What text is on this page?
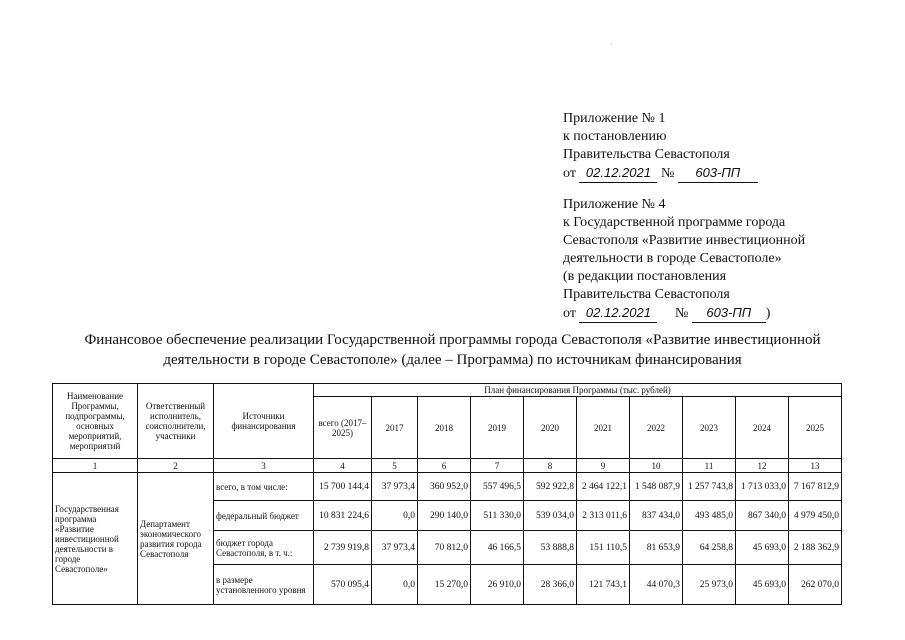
·
Приложение № 1
к постановлению
Правительства Севастополя
от 02.12.2021 № 603-ПП
Приложение № 4
к Государственной программе города
Севастополя «Развитие инвестиционной
деятельности в городе Севастополе»
(в редакции постановления
Правительства Севастополя
от 02.12.2021 № 603-ПП )
Финансовое обеспечение реализации Государственной программы города Севастополя «Развитие инвестиционной
деятельности в городе Севастополе» (далее – Программа) по источникам финансирования
Наименование Программы, подпрограммы, основных мероприятий, мероприятий	Ответственный исполнитель, соисполнители, участники	Источники финансирования	План финансирования Программы (тыс. рублей)									
			всего (2017–2025)	2017	2018	2019	2020	2021	2022	2023	2024	2025
1	2	3	4	5	6	7	8	9	10	11	12	13
Государственная программа «Развитие инвестиционной деятельности в городе Севастополе»	Департамент экономического развития города Севастополя	всего, в том числе:	15 700 144,4	37 973,4	360 952,0	557 496,5	592 922,8	2 464 122,1	1 548 087,9	1 257 743,8	1 713 033,0	7 167 812,9
		федеральный бюджет	10 831 224,6	0,0	290 140,0	511 330,0	539 034,0	2 313 011,6	837 434,0	493 485,0	867 340,0	4 979 450,0
		бюджет города Севастополя, в т. ч.:	2 739 919,8	37 973,4	70 812,0	46 166,5	53 888,8	151 110,5	81 653,9	64 258,8	45 693,0	2 188 362,9
		в размере установленного уровня	570 095,4	0,0	15 270,0	26 910,0	28 366,0	121 743,1	44 070,3	25 973,0	45 693,0	262 070,0
